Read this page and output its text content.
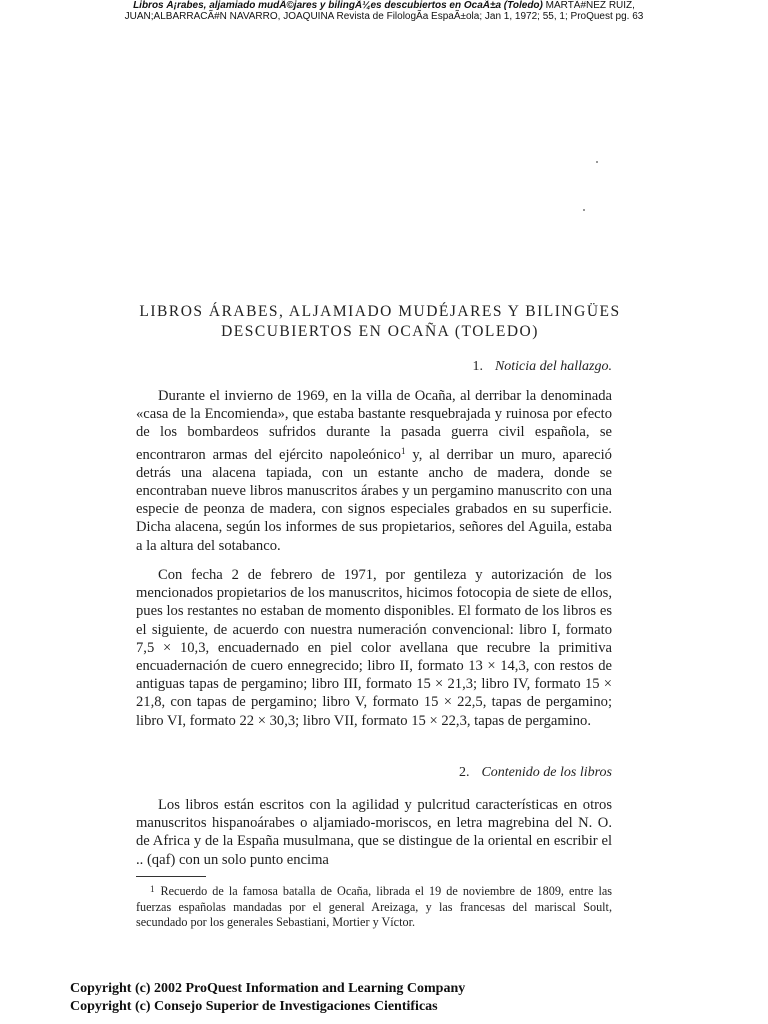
Libros Á¡rabes, aljamiado mudÃ©jares y bilingÃ¼es descubiertos en OcaÃ±a (Toledo) MARTÃ#NEZ RUIZ,
JUAN;ALBARRACÃ#N NAVARRO, JOAQUINA Revista de FilologÃa EspaÃ±ola; Jan 1, 1972; 55, 1; ProQuest pg. 63
LIBROS ÁRABES, ALJAMIADO MUDÉJARES Y BILINGÜES
DESCUBIERTOS EN OCAÑA (TOLEDO)
1. Noticia del hallazgo.

Durante el invierno de 1969, en la villa de Ocaña, al derribar la denominada «casa de la Encomienda», que estaba bastante resquebrajada y ruinosa por efecto de los bombardeos sufridos durante la pasada guerra civil española, se encontraron armas del ejército napoleónico$^1$ y, al derribar un muro, apareció detrás una alacena tapiada, con un estante ancho de madera, donde se encontraban nueve libros manuscritos árabes y un pergamino manuscrito con una especie de peonza de madera, con signos especiales grabados en su superficie. Dicha alacena, según los informes de sus propietarios, señores del Aguila, estaba a la altura del sotabanco.

Con fecha 2 de febrero de 1971, por gentileza y autorización de los mencionados propietarios de los manuscritos, hicimos fotocopia de siete de ellos, pues los restantes no estaban de momento disponibles. El formato de los libros es el siguiente, de acuerdo con nuestra numeración convencional: libro I, formato 7,5 × 10,3, encuadernado en piel color avellana que recubre la primitiva encuadernación de cuero ennegrecido; libro II, formato 13 × 14,3, con restos de antiguas tapas de pergamino; libro III, formato 15 × 21,3; libro IV, formato 15 × 21,8, con tapas de pergamino; libro V, formato 15 × 22,5, tapas de pergamino; libro VI, formato 22 × 30,3; libro VII, formato 15 × 22,3, tapas de pergamino.

2. Contenido de los libros

Los libros están escritos con la agilidad y pulcritud características en otros manuscritos hispanoárabes o aljamiado-moriscos, en letra magrebina del N. O. de Africa y de la España musulmana, que se distingue de la oriental en escribir el .. (qaf) con un solo punto encima

$^1$ Recuerdo de la famosa batalla de Ocaña, librada el 19 de noviembre de 1809, entre las fuerzas españolas mandadas por el general Areizaga, y las francesas del mariscal Soult, secundado por los generales Sebastiani, Mortier y Víctor.

Copyright (c) 2002 ProQuest Information and Learning Company
Copyright (c) Consejo Superior de Investigaciones Cientificas
